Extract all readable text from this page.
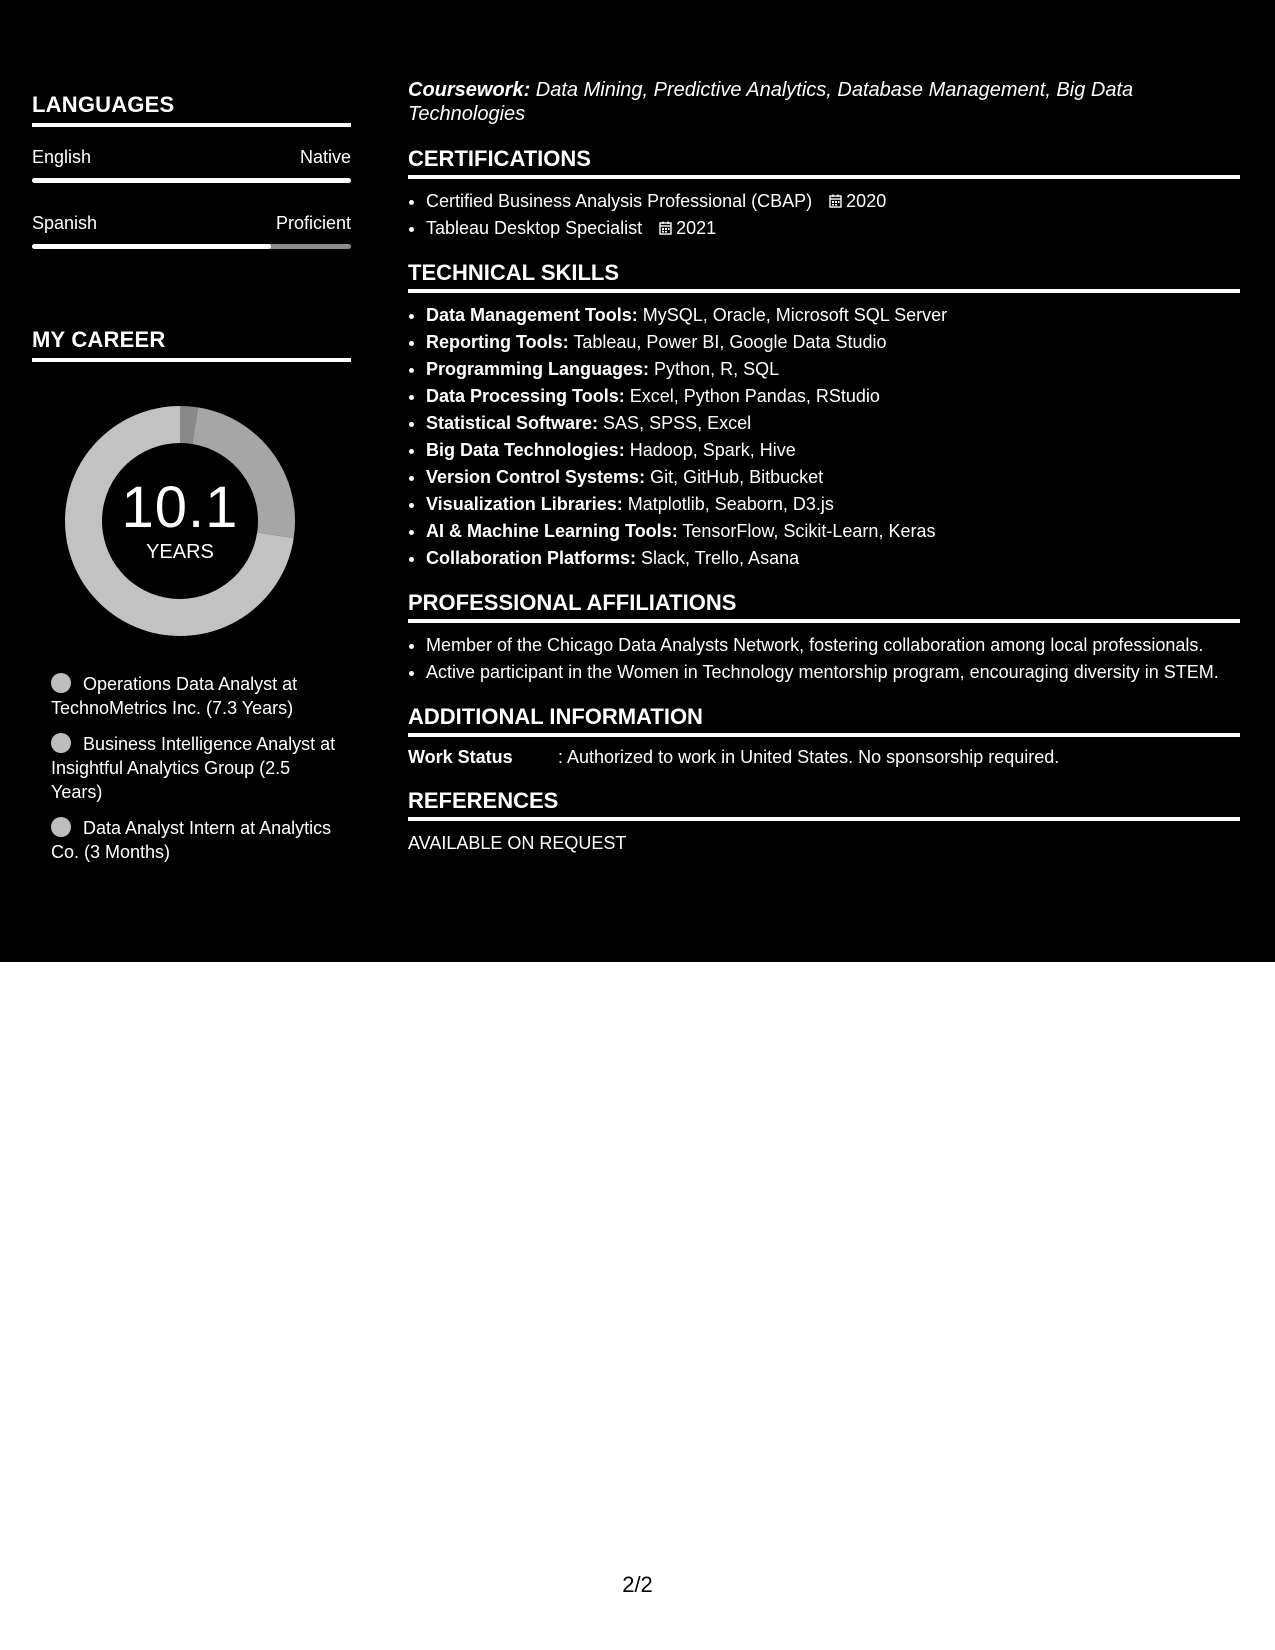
LANGUAGES
English	Native
Spanish	Proficient
MY CAREER
10.1
YEARS
Operations Data Analyst at TechnoMetrics Inc. (7.3 Years)
Business Intelligence Analyst at Insightful Analytics Group (2.5 Years)
Data Analyst Intern at Analytics Co. (3 Months)

Coursework: Data Mining, Predictive Analytics, Database Management, Big Data Technologies

CERTIFICATIONS
• Certified Business Analysis Professional (CBAP) 2020
• Tableau Desktop Specialist 2021
TECHNICAL SKILLS
• Data Management Tools: MySQL, Oracle, Microsoft SQL Server
• Reporting Tools: Tableau, Power BI, Google Data Studio
• Programming Languages: Python, R, SQL
• Data Processing Tools: Excel, Python Pandas, RStudio
• Statistical Software: SAS, SPSS, Excel
• Big Data Technologies: Hadoop, Spark, Hive
• Version Control Systems: Git, GitHub, Bitbucket
• Visualization Libraries: Matplotlib, Seaborn, D3.js
• AI & Machine Learning Tools: TensorFlow, Scikit-Learn, Keras
• Collaboration Platforms: Slack, Trello, Asana
PROFESSIONAL AFFILIATIONS
• Member of the Chicago Data Analysts Network, fostering collaboration among local professionals.
• Active participant in the Women in Technology mentorship program, encouraging diversity in STEM.
ADDITIONAL INFORMATION
Work Status	: Authorized to work in United States. No sponsorship required.
REFERENCES
AVAILABLE ON REQUEST
2/2
